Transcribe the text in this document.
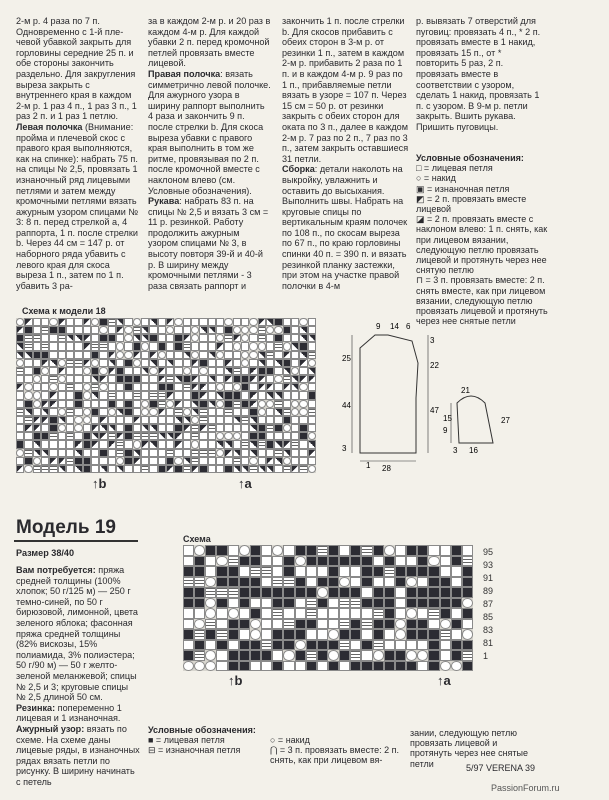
2-м р. 4 раза по 7 п. Одновременно с 1-й плечевой убавкой закрыть для горловины середние 25 п. и обе стороны закончить раздельно. Для закругления выреза закрыть с внутреннего края в каждом 2-м р. 1 раз 4 п., 1 раз 3 п., 1 раз 2 п. и 1 раз 1 петлю.

Левая полочка (Внимание: пройма и плечевой скос с правого края выполняются, как на спинке): набрать 75 п. на спицы № 2,5, провязать 1 изнаночный ряд лицевыми петлями и затем между кромочными петлями вязать ажурным узором спицами № 3: 8 п. перед стрелкой а, 4 раппорта, 1 п. после стрелки b. Через 44 см = 147 р. от наборного ряда убавить с левого края для скоса выреза 1 п., затем по 1 п. убавить 3 ра-

за в каждом 2-м р. и 20 раз в каждом 4-м р. Для каждой убавки 2 п. перед кромочной петлей провязать вместе лицевой.

Правая полочка: вязать симметрично левой полочке. Для ажурного узора в ширину раппорт выполнить 4 раза и закончить 9 п. после стрелки b. Для скоса выреза убавки с правого края выполнить в том же ритме, провязывая по 2 п. после кромочной вместе с наклоном влево (см. Условные обозначения).

Рукава: набрать 83 п. на спицы № 2,5 и вязать 3 см = 11 р. резинкой. Работу продолжить ажурным узором спицами № 3, в высоту повторя 39-й и 40-й р. В ширину между кромочными петлями - 3 раза связать раппорт и

закончить 1 п. после стрелки b. Для скосов прибавить с обеих сторон в 3-м р. от резинки 1 п., затем в каждом 2-м р. прибавить 2 раза по 1 п. и в каждом 4-м р. 9 раз по 1 п., прибавляемые петли вязать в узоре = 107 п. Через 15 см = 50 р. от резинки закрыть с обеих сторон для оката по 3 п., далее в каждом 2-м р. 7 раз по 2 п., 7 раз по 3 п., затем закрыть оставшиеся 31 петли.

Сборка: детали наколоть на выкройку, увлажнить и оставить до высыхания. Выполнить швы. Набрать на круговые спицы по вертикальным краям полочек по 108 п., по скосам выреза по 67 п., по краю горловины спинки 40 п. = 390 п. и вязать резинкой планку застежки, при этом на участке правой полочки в 4-м

р. вывязать 7 отверстий для пуговиц: провязать 4 п., * 2 п. провязать вместе в 1 накид, провязать 15 п., от * повторить 5 раз, 2 п. провязать вместе в соответствии с узором, сделать 1 накид, провязать 1 п. с узором. В 9-м р. петли закрыть. Вшить рукава. Пришить пуговицы.

Условные обозначения:
□ = лицевая петля
○ = накид
▣ = изнаночная петля
◩ = 2 п. провязать вместе лицевой
◪ = 2 п. провязать вместе с наклоном влево: 1 п. снять, как при лицевом вязании, следующую петлю провязать лицевой и протянуть через нее снятую петлю
⊓ = 3 п. провязать вместе: 2 п. снять вместе, как при лицевом вязании, следующую петлю провязать лицевой и протянуть через нее снятые петли
Схема к модели 18
↑b	↑a
9 14 6
25
3
22
44
47
3
28
1
21
15
9
27
16
3
Модель 19
Размер 38/40

Вам потребуется: пряжа средней толщины (100% хлопок; 50 г/125 м) — 250 г темно-синей, по 50 г бирюзовой, лимонной, цвета зеленого яблока; фасонная пряжа средней толщины (82% вискозы, 15% полиамида, 3% полиэстера; 50 г/90 м) — 50 г желто-зеленой меланжевой; спицы № 2,5 и 3; круговые спицы № 2,5 длиной 50 см.

Резинка: попеременно 1 лицевая и 1 изнаночная.

Ажурный узор: вязать по схеме. На схеме даны лицевые ряды, в изнаночных рядах вязать петли по рисунку. В ширину начинать с петель

Схема
95
93
91
89
87
85
83
81
1
↑b	↑a
Условные обозначения:
■ = лицевая петля
⊟ = изнаночная петля
○ = накид
⋂ = 3 п. провязать вместе: 2 п. снять, как при лицевом вя-
зании, следующую петлю провязать лицевой и протянуть через нее снятые петли	5/97 VERENA 39
PassionForum.ru
